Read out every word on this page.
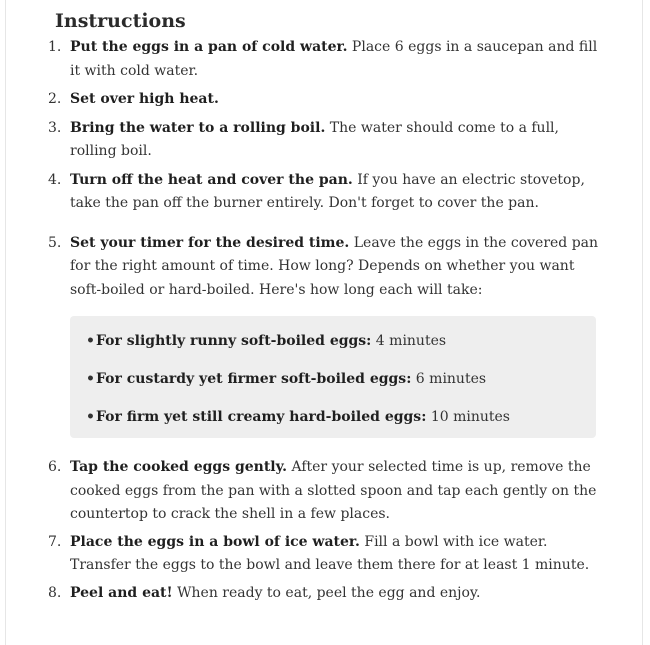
Instructions
1. Put the eggs in a pan of cold water. Place 6 eggs in a saucepan and fill it with cold water.
2. Set over high heat.
3. Bring the water to a rolling boil. The water should come to a full, rolling boil.
4. Turn off the heat and cover the pan. If you have an electric stovetop, take the pan off the burner entirely. Don't forget to cover the pan.
5. Set your timer for the desired time. Leave the eggs in the covered pan for the right amount of time. How long? Depends on whether you want soft-boiled or hard-boiled. Here's how long each will take:
•For slightly runny soft-boiled eggs: 4 minutes
•For custardy yet firmer soft-boiled eggs: 6 minutes
•For firm yet still creamy hard-boiled eggs: 10 minutes
6. Tap the cooked eggs gently. After your selected time is up, remove the cooked eggs from the pan with a slotted spoon and tap each gently on the countertop to crack the shell in a few places.
7. Place the eggs in a bowl of ice water. Fill a bowl with ice water. Transfer the eggs to the bowl and leave them there for at least 1 minute.
8. Peel and eat! When ready to eat, peel the egg and enjoy.
